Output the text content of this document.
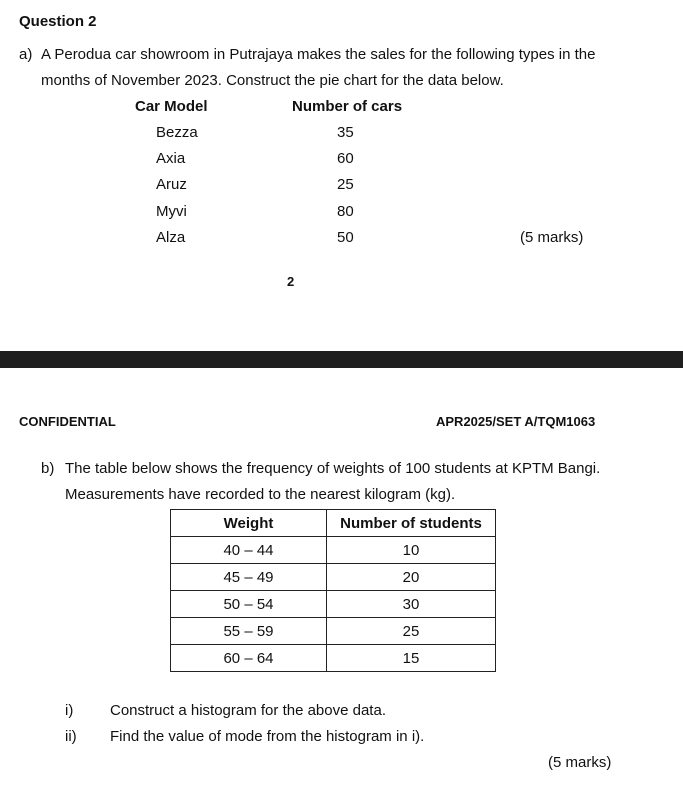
Question 2
a) A Perodua car showroom in Putrajaya makes the sales for the following types in the
months of November 2023. Construct the pie chart for the data below.
Car Model	Number of cars
Bezza	35
Axia	60
Aruz	25
Myvi	80
Alza	50	(5 marks)
2
CONFIDENTIAL	APR2025/SET A/TQM1063
b) The table below shows the frequency of weights of 100 students at KPTM Bangi.
Measurements have recorded to the nearest kilogram (kg).
Weight	Number of students
40 – 44	10
45 – 49	20
50 – 54	30
55 – 59	25
60 – 64	15
i) Construct a histogram for the above data.
ii) Find the value of mode from the histogram in i).
(5 marks)
